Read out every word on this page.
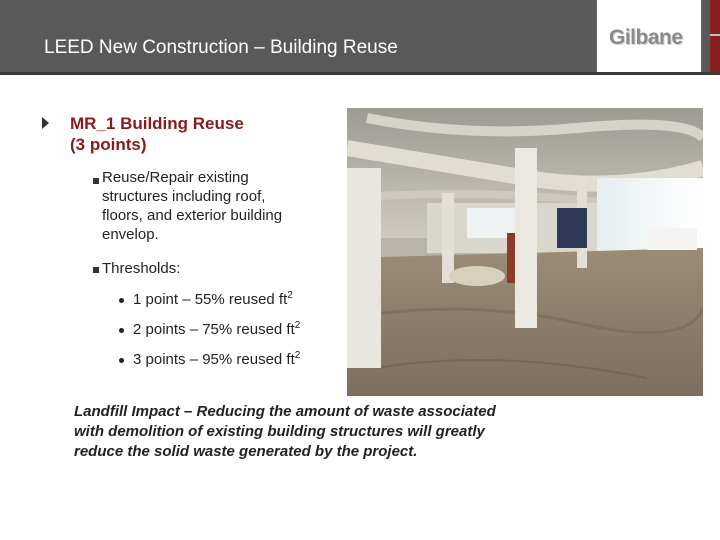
LEED New Construction – Building Reuse	Gilbane
MR_1 Building Reuse
(3 points)
Reuse/Repair existing
structures including roof,
floors, and exterior building
envelop.
Thresholds:
1 point – 55% reused $ft^2$
2 points – 75% reused $ft^2$
3 points – 95% reused $ft^2$
Landfill Impact – Reducing the amount of waste associated
with demolition of existing building structures will greatly
reduce the solid waste generated by the project.
